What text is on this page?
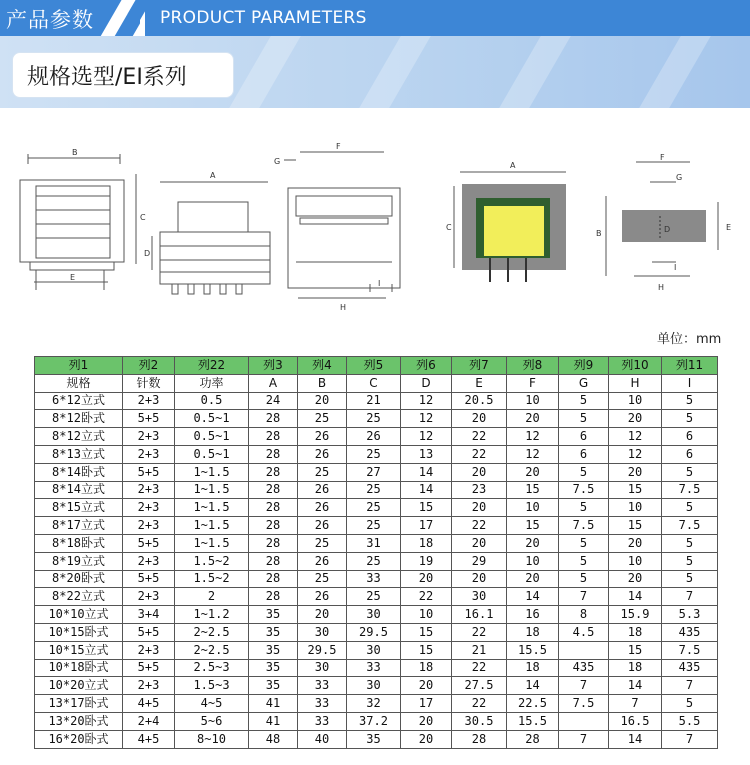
产品参数	PRODUCT PARAMETERS
规格选型/EI系列
B
C
D
E
A
F
G
H
I
A
C
F
G
B
E
D
I
H
单位：mm
列1	列2	列22	列3	列4	列5	列6	列7	列8	列9	列10	列11
规格	针数	功率	A	B	C	D	E	F	G	H	I
6*12立式	2+3	0.5	24	20	21	12	20.5	10	5	10	5
8*12卧式	5+5	0.5~1	28	25	25	12	20	20	5	20	5
8*12立式	2+3	0.5~1	28	26	26	12	22	12	6	12	6
8*13立式	2+3	0.5~1	28	26	25	13	22	12	6	12	6
8*14卧式	5+5	1~1.5	28	25	27	14	20	20	5	20	5
8*14立式	2+3	1~1.5	28	26	25	14	23	15	7.5	15	7.5
8*15立式	2+3	1~1.5	28	26	25	15	20	10	5	10	5
8*17立式	2+3	1~1.5	28	26	25	17	22	15	7.5	15	7.5
8*18卧式	5+5	1~1.5	28	25	31	18	20	20	5	20	5
8*19立式	2+3	1.5~2	28	26	25	19	29	10	5	10	5
8*20卧式	5+5	1.5~2	28	25	33	20	20	20	5	20	5
8*22立式	2+3	2	28	26	25	22	30	14	7	14	7
10*10立式	3+4	1~1.2	35	20	30	10	16.1	16	8	15.9	5.3
10*15卧式	5+5	2~2.5	35	30	29.5	15	22	18	4.5	18	435
10*15立式	2+3	2~2.5	35	29.5	30	15	21	15.5		15	7.5
10*18卧式	5+5	2.5~3	35	30	33	18	22	18	435	18	435
10*20立式	2+3	1.5~3	35	33	30	20	27.5	14	7	14	7
13*17卧式	4+5	4~5	41	33	32	17	22	22.5	7.5	7	5
13*20卧式	2+4	5~6	41	33	37.2	20	30.5	15.5		16.5	5.5
16*20卧式	4+5	8~10	48	40	35	20	28	28	7	14	7
